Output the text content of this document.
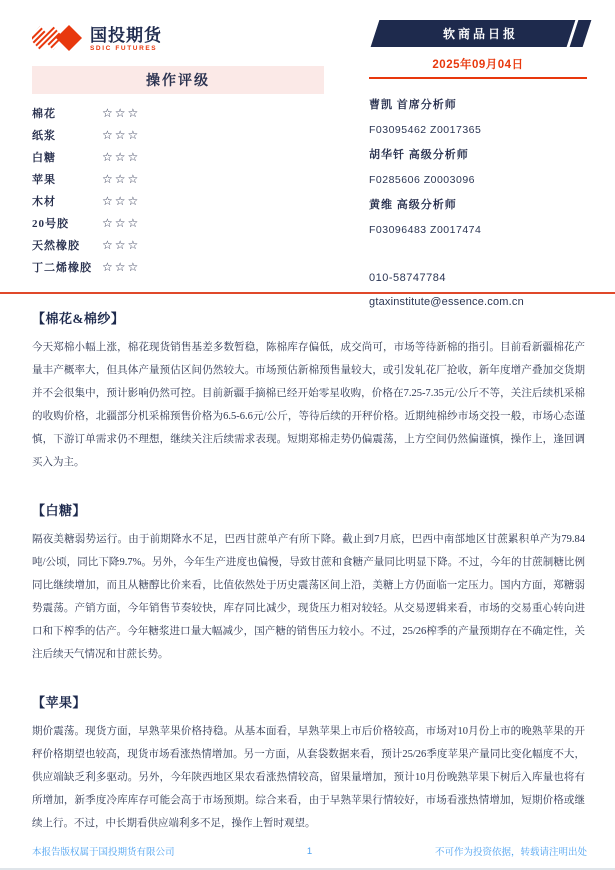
国投期货
SDIC FUTURES
操作评级
棉花	☆☆☆
纸浆	☆☆☆
白糖	☆☆☆
苹果	☆☆☆
木材	☆☆☆
20号胶	☆☆☆
天然橡胶	☆☆☆
丁二烯橡胶 ☆☆☆
软商品日报
2025年09月04日
曹凯 首席分析师
F03095462 Z0017365
胡华钎 高级分析师
F0285606 Z0003096
黄维 高级分析师
F03096483 Z0017474
010-58747784
gtaxinstitute@essence.com.cn
【棉花&棉纱】
今天郑棉小幅上涨，棉花现货销售基差多数暂稳，陈棉库存偏低，成交尚可，市场等待新棉的指引。目前看新疆棉花产量丰产概率大，但具体产量预估区间仍然较大。市场预估新棉预售量较大，或引发轧花厂抢收，新年度增产叠加交货期并不会很集中，预计影响仍然可控。目前新疆手摘棉已经开始零星收购，价格在7.25-7.35元/公斤不等，关注后续机采棉的收购价格，北疆部分机采棉预售价格为6.5-6.6元/公斤，等待后续的开秤价格。近期纯棉纱市场交投一般，市场心态谨慎，下游订单需求仍不理想，继续关注后续需求表现。短期郑棉走势仍偏震荡，上方空间仍然偏谨慎，操作上，逢回调买入为主。
【白糖】
隔夜美糖弱势运行。由于前期降水不足，巴西甘蔗单产有所下降。截止到7月底，巴西中南部地区甘蔗累积单产为79.84吨/公顷，同比下降9.7%。另外，今年生产进度也偏慢，导致甘蔗和食糖产量同比明显下降。不过，今年的甘蔗制糖比例同比继续增加，而且从糖醇比价来看，比值依然处于历史震荡区间上沿，美糖上方仍面临一定压力。国内方面，郑糖弱势震荡。产销方面，今年销售节奏较快，库存同比减少，现货压力相对较轻。从交易逻辑来看，市场的交易重心转向进口和下榨季的估产。今年糖浆进口量大幅减少，国产糖的销售压力较小。不过，25/26榨季的产量预期存在不确定性，关注后续天气情况和甘蔗长势。
【苹果】
期价震荡。现货方面，早熟苹果价格持稳。从基本面看，早熟苹果上市后价格较高，市场对10月份上市的晚熟苹果的开秤价格期望也较高，现货市场看涨热情增加。另一方面，从套袋数据来看，预计25/26季度苹果产量同比变化幅度不大，供应端缺乏利多驱动。另外，今年陕西地区果农看涨热情较高，留果量增加，预计10月份晚熟苹果下树后入库量也将有所增加，新季度冷库库存可能会高于市场预期。综合来看，由于早熟苹果行情较好，市场看涨热情增加，短期价格或继续上行。不过，中长期看供应端利多不足，操作上暂时观望。
本报告版权属于国投期货有限公司	1	不可作为投资依据，转载请注明出处
